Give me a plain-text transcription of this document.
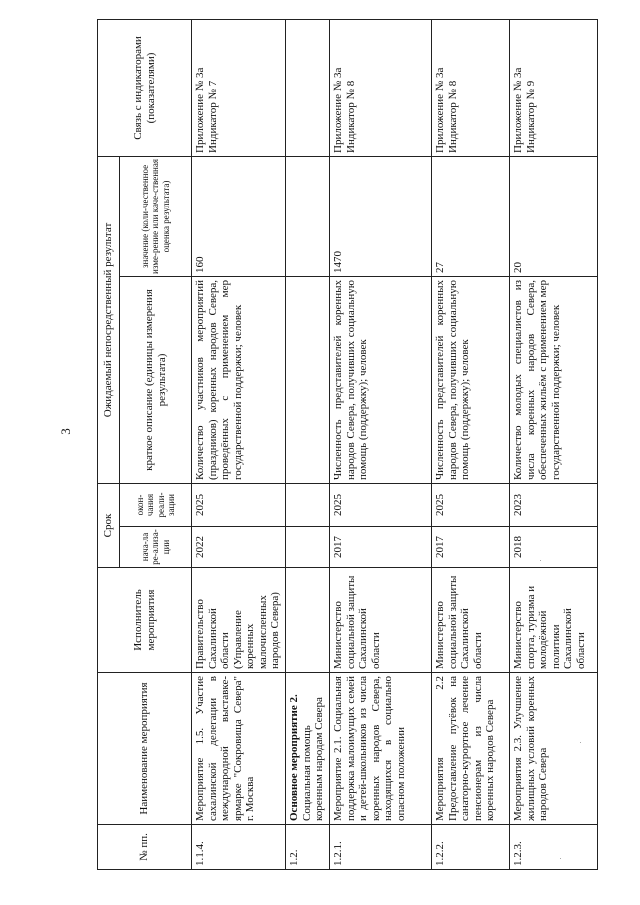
3
№ пп.	Наименование мероприятия	Исполнитель мероприятия	Срок		Ожидаемый непосредственный результат		Связь с индикаторами (показателями)
			нача-ла ре-ализа-ции	окон-чания реали-зации	краткое описание (единицы измерения результата)	значение (коли-чественное изме-рение или каче-ственная оценка результата)	
1.1.4.	Мероприятие 1.5. Участие сахалинской делегации в международной выставке-ярмарке "Сокровища Севера" г. Москва	Правительство Сахалинской области (Управление коренных малочисленных народов Севера)	2022	2025	Количество участников мероприятий (праздников) коренных народов Севера, проведённых с применением мер государственной поддержки; человек	160	Приложение № 3а Индикатор № 7
1.2.	Основное мероприятие 2. Социальная помощь коренным народам Севера						
1.2.1.	Мероприятие 2.1. Социальная поддержка малоимущих семей и детей-школьников из числа коренных народов Севера, находящихся в социально опасном положении	Министерство социальной защиты Сахалинской области	2017	2025	Численность представителей коренных народов Севера, получивших социальную помощь (поддержку); человек	1470	Приложение № 3а Индикатор № 8
1.2.2.	Мероприятия 2.2 Предоставление путёвок на санаторно-курортное лечение пенсионерам из числа коренных народов Севера	Министерство социальной защиты Сахалинской области	2017	2025	Численность представителей коренных народов Севера, получивших социальную помощь (поддержку); человек	27	Приложение № 3а Индикатор № 8
1.2.3.	Мероприятия 2.3. Улучшение жилищных условий коренных народов Севера	Министерство спорта, туризма и молодёжной политики Сахалинской области	2018	2023	Количество молодых специалистов из числа коренных народов Севера, обеспеченных жильём с применением мер государственной поддержки; человек	20	Приложение № 3а Индикатор № 9
